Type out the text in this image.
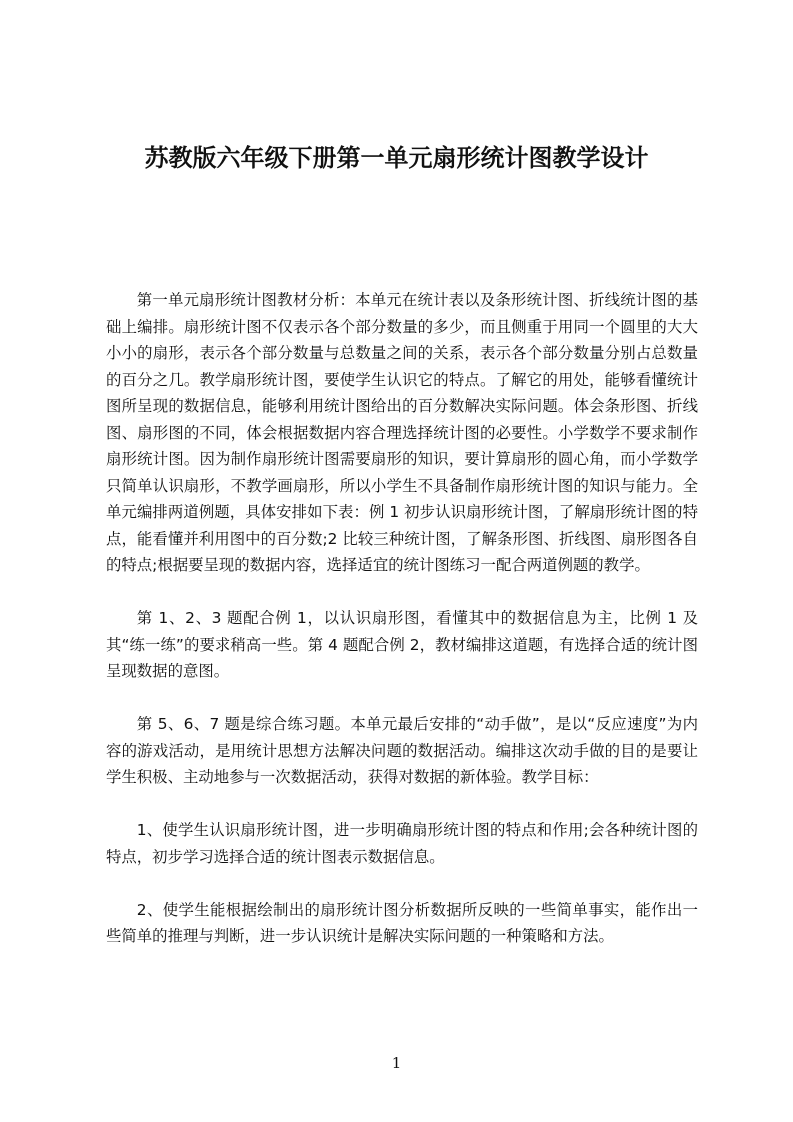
苏教版六年级下册第一单元扇形统计图教学设计

第一单元扇形统计图教材分析：本单元在统计表以及条形统计图、折线统计图的基础上编排。扇形统计图不仅表示各个部分数量的多少，而且侧重于用同一个圆里的大大小小的扇形，表示各个部分数量与总数量之间的关系，表示各个部分数量分别占总数量的百分之几。教学扇形统计图，要使学生认识它的特点。了解它的用处，能够看懂统计图所呈现的数据信息，能够利用统计图给出的百分数解决实际问题。体会条形图、折线图、扇形图的不同，体会根据数据内容合理选择统计图的必要性。小学数学不要求制作扇形统计图。因为制作扇形统计图需要扇形的知识，要计算扇形的圆心角，而小学数学只简单认识扇形，不教学画扇形，所以小学生不具备制作扇形统计图的知识与能力。全单元编排两道例题，具体安排如下表：例 1 初步认识扇形统计图，了解扇形统计图的特点，能看懂并利用图中的百分数;2 比较三种统计图，了解条形图、折线图、扇形图各自的特点;根据要呈现的数据内容，选择适宜的统计图练习一配合两道例题的教学。

第 1、2、3 题配合例 1，以认识扇形图，看懂其中的数据信息为主，比例 1 及其“练一练”的要求稍高一些。第 4 题配合例 2，教材编排这道题，有选择合适的统计图呈现数据的意图。

第 5、6、7 题是综合练习题。本单元最后安排的“动手做”，是以“反应速度”为内容的游戏活动，是用统计思想方法解决问题的数据活动。编排这次动手做的目的是要让学生积极、主动地参与一次数据活动，获得对数据的新体验。教学目标：

1、使学生认识扇形统计图，进一步明确扇形统计图的特点和作用;会各种统计图的特点，初步学习选择合适的统计图表示数据信息。

2、使学生能根据绘制出的扇形统计图分析数据所反映的一些简单事实，能作出一些简单的推理与判断，进一步认识统计是解决实际问题的一种策略和方法。

1
